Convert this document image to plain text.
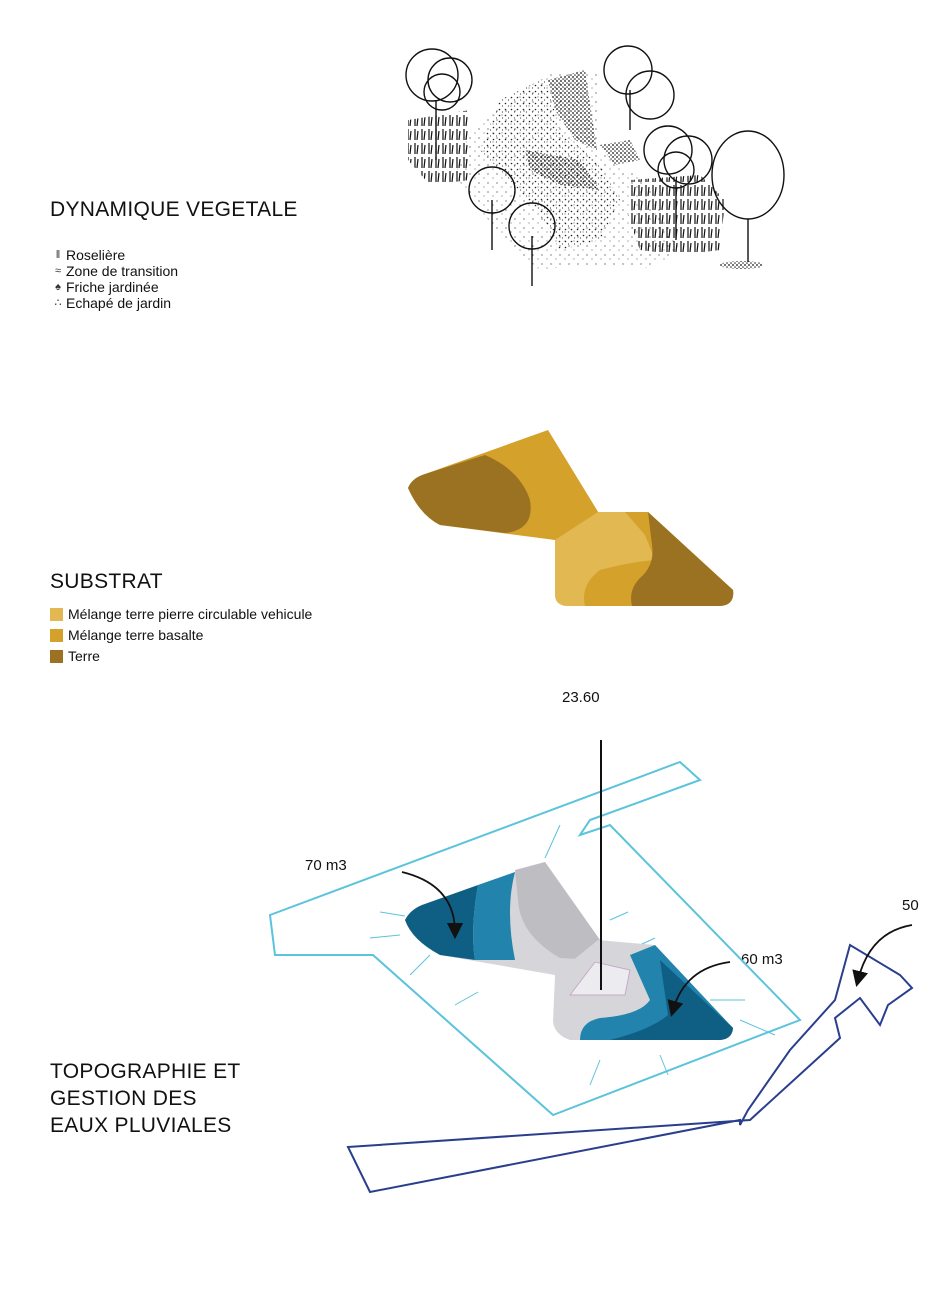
DYNAMIQUE VEGETALE
ǁ Roselière
≈ Zone de transition
♠ Friche jardinée
∴ Echapé de jardin
SUBSTRAT
Mélange terre pierre circulable vehicule
Mélange terre basalte
Terre
TOPOGRAPHIE ET
GESTION DES
EAUX PLUVIALES
23.60
70 m3
60 m3
50
